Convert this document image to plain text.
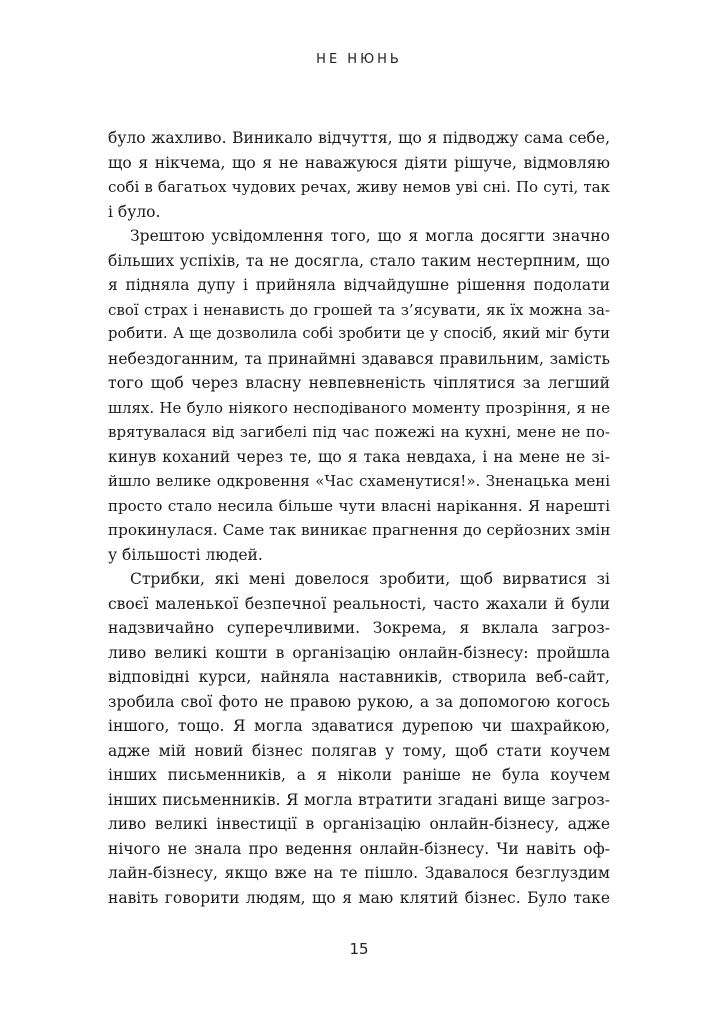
НЕ НЮНЬ
було жахливо. Виникало відчуття, що я підводжу сама себе,
що я нікчема, що я не наважуюся діяти рішуче, відмовляю
собі в багатьох чудових речах, живу немов уві сні. По суті, так
і було.
Зрештою усвідомлення того, що я могла досягти значно
більших успіхів, та не досягла, стало таким нестерпним, що
я підняла дупу і прийняла відчайдушне рішення подолати
свої страх і ненависть до грошей та з’ясувати, як їх можна за-
робити. А ще дозволила собі зробити це у спосіб, який міг бути
небездоганним, та принаймні здавався правильним, замість
того щоб через власну невпевненість чіплятися за легший
шлях. Не було ніякого несподіваного моменту прозріння, я не
врятувалася від загибелі під час пожежі на кухні, мене не по-
кинув коханий через те, що я така невдаха, і на мене не зі-
йшло велике одкровення «Час схаменутися!». Зненацька мені
просто стало несила більше чути власні нарікання. Я нарешті
прокинулася. Саме так виникає прагнення до серйозних змін
у більшості людей.
Стрибки, які мені довелося зробити, щоб вирватися зі
своєї маленької безпечної реальності, часто жахали й були
надзвичайно суперечливими. Зокрема, я вклала загроз-
ливо великі кошти в організацію онлайн-бізнесу: пройшла
відповідні курси, найняла наставників, створила веб-сайт,
зробила свої фото не правою рукою, а за допомогою когось
іншого, тощо. Я могла здаватися дурепою чи шахрайкою,
адже мій новий бізнес полягав у тому, щоб стати коучем
інших письменників, а я ніколи раніше не була коучем
інших письменників. Я могла втратити згадані вище загроз-
ливо великі інвестиції в організацію онлайн-бізнесу, адже
нічого не знала про ведення онлайн-бізнесу. Чи навіть оф-
лайн-бізнесу, якщо вже на те пішло. Здавалося безглуздим
навіть говорити людям, що я маю клятий бізнес. Було таке
15
